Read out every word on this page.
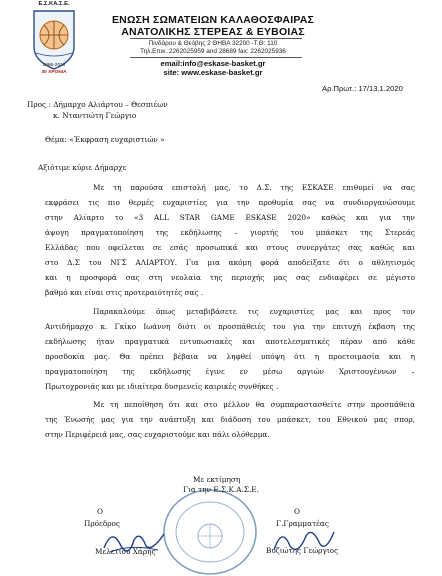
Ε.Σ.ΚΑ.Σ.Ε.
1986-2016
30 ΧΡΟΝΙΑ
ΕΝΩΣΗ ΣΩΜΑΤΕΙΩΝ ΚΑΛΑΘΟΣΦΑΙΡΑΣ
ΑΝΑΤΟΛΙΚΗΣ ΣΤΕΡΕΑΣ & ΕΥΒΟΙΑΣ
Πινδάρου & Θεόβης 2 ΘΗΒΑ 32200 -Τ.Θ: 110
Τηλ.Επικ.:2262025959 and 28689 fax: 2262025936
email:info@eskase-basket.gr
site: www.eskase-basket.gr
Αρ.Πρωτ.: 17/13.1.2020
Προς : Δήμαρχο Αλιάρτου – Θεσπιέων
κ. Νταντιώτη Γεώργιο
Θέμα: «Έκφραση ευχαριστιών »
Αξιότιμε κύριε Δήμαρχε
Με τη παρούσα επιστολή μας, το Δ.Σ. της ΕΣΚΑΣΕ επιθυμεί να σας
εκφράσει τις πιο θερμές ευχαριστίες για την προθυμία σας να συνδιοργανώσουμε
στην Αλίαρτο το «3 ALL STAR GAME ESKASE 2020» καθώς και για την
άψογη πραγματοποίηση της εκδήλωσης – γιορτής του μπάσκετ της Στερεάς
Ελλάδας που οφείλεται σε εσάς προσωπικά και στους συνεργάτες σας καθώς και
στο Δ.Σ του ΝΓΣ ΑΛΙΑΡΤΟΥ. Για μια ακόμη φορά αποδείξατε ότι ο αθλητισμός
και η προσφορά σας στη νεολαία της περιοχής μας σας ενδιαφέρει σε μέγιστο
βαθμό και είναι στις προτεραιότητές σας .
Παρακαλούμε όπως μεταβιβάσετε τις ευχαριστίες μας και προς τον
Αντιδήμαρχο κ. Γκίκο Ιωάννη διότι οι προσπάθειές του για την επιτυχή έκβαση της
εκδήλωσης ήταν πραγματικά εντυπωσιακές και αποτελεσματικές πέραν από κάθε
προσδοκία μας. Θα πρέπει βέβαια να ληφθεί υπόψη ότι η προετοιμασία και η
πραγματοποίηση της εκδήλωσης έγινε εν μέσω αργιών Χριστουγέννων –
Πρωτοχρονιάς και με ιδιαίτερα δυσμενείς καιρικές συνθήκες .
Με τη πεποίθηση ότι και στο μέλλον θα συμπαραστασθείτε στην προσπάθεια
της Ένωσής μας για την ανάπτυξη και διάδοση του μπάσκετ, του Εθνικού μας σπορ,
στην Περιφέρειά μας, σας ευχαριστούμε και πάλι ολόθερμα.
Με εκτίμηση
Για την Ε.Σ.Κ.Α.Σ.Ε.
Ο
Πρόεδρος
Μελετίου Χάρης
Ο
Γ.Γραμματέας
Βυζιώτης Γεώργιος
